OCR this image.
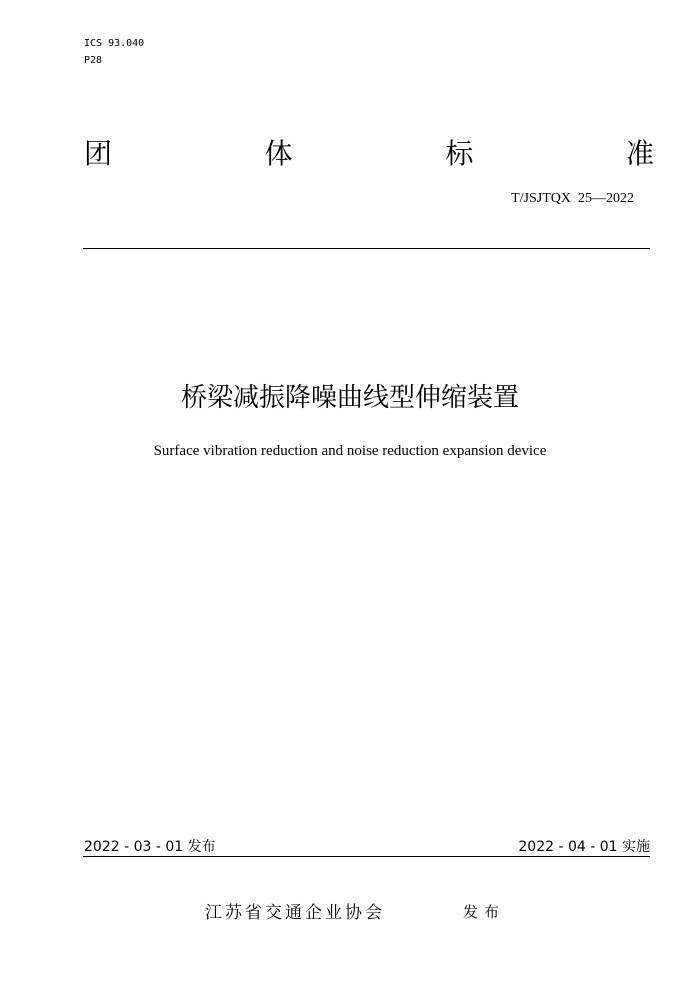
ICS 93.040
P28
团	体	标	准
T/JSJTQX  25—2022
桥梁减振降噪曲线型伸缩装置
Surface vibration reduction and noise reduction expansion device
2022 - 03 - 01 发布	2022 - 04 - 01 实施
江苏省交通企业协会	发布
